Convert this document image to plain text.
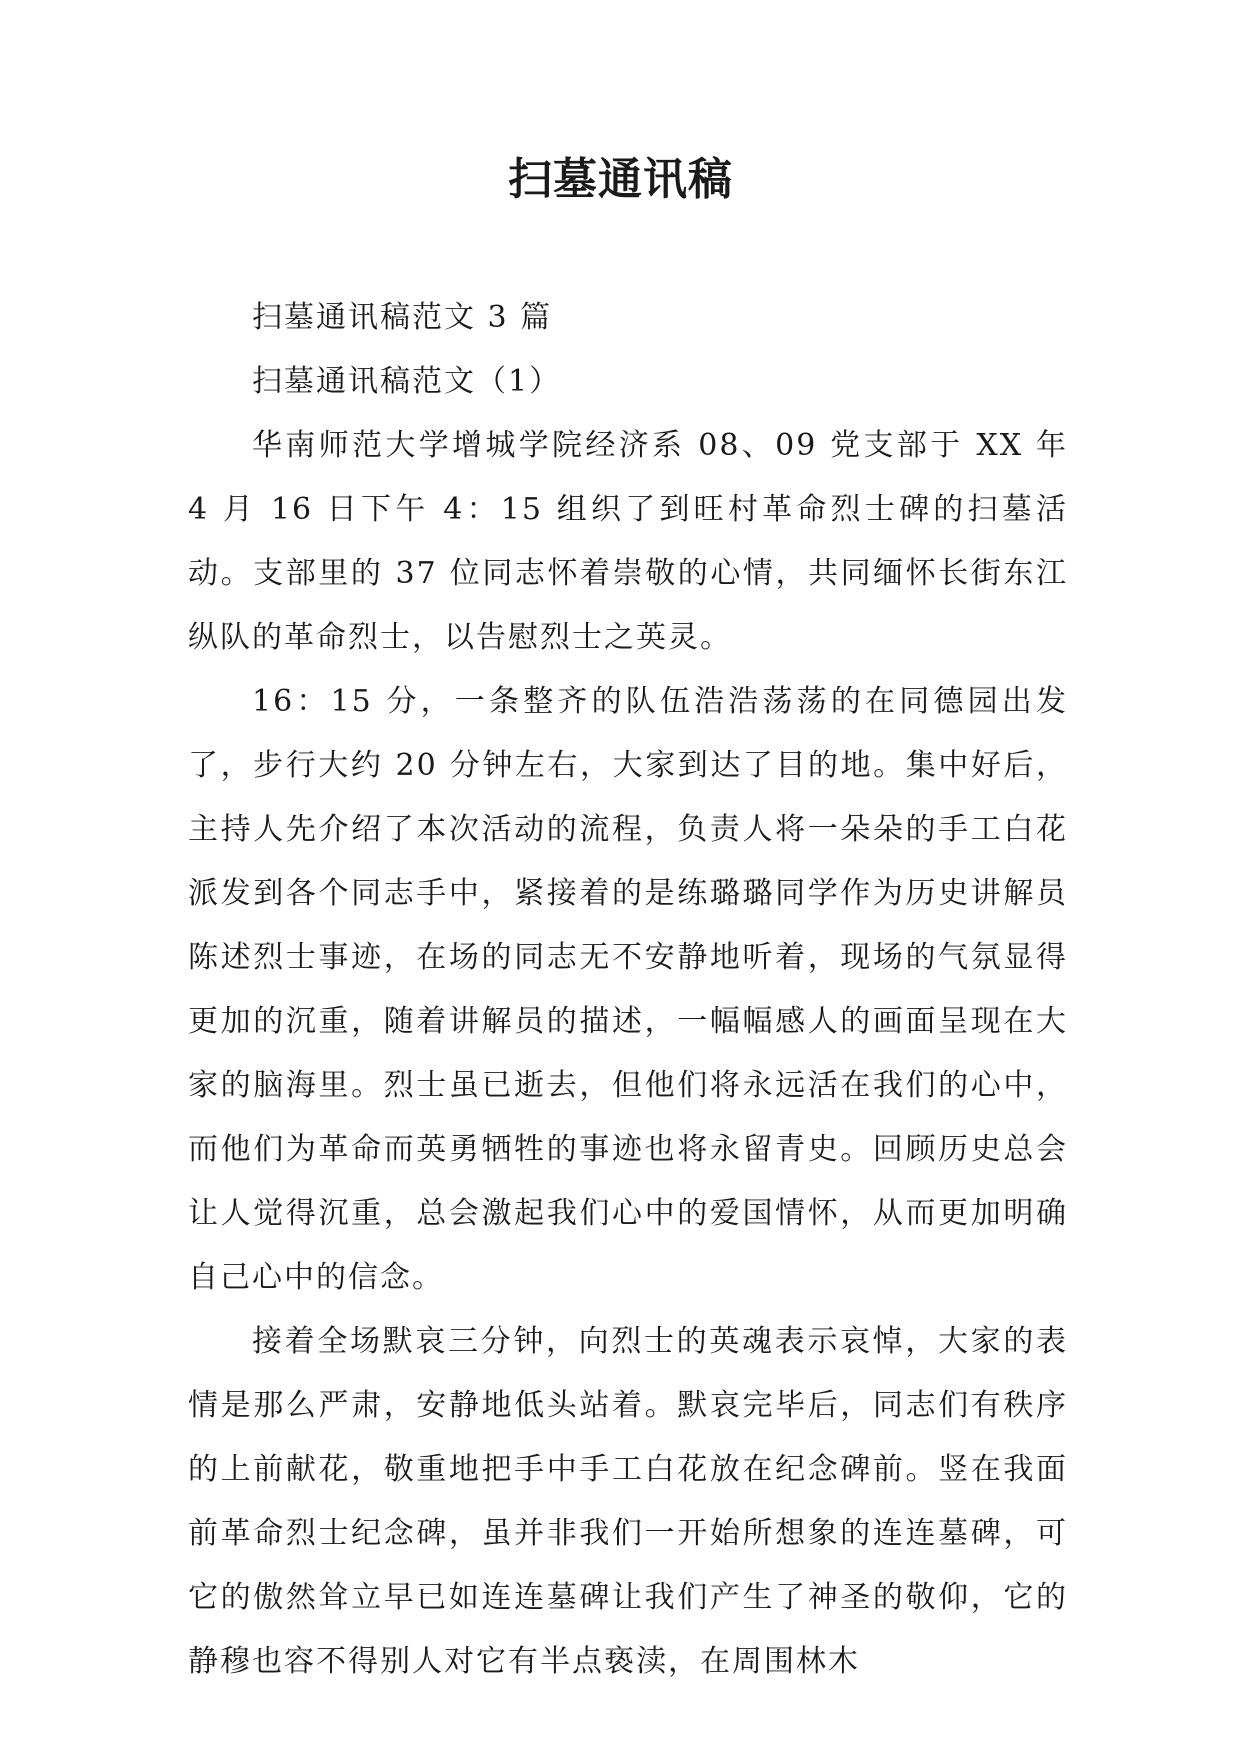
扫墓通讯稿

扫墓通讯稿范文 3 篇

扫墓通讯稿范文（1）

华南师范大学增城学院经济系 08、09 党支部于 XX 年 4 月 16 日下午 4：15 组织了到旺村革命烈士碑的扫墓活动。支部里的 37 位同志怀着崇敬的心情，共同缅怀长街东江纵队的革命烈士，以告慰烈士之英灵。

16：15 分，一条整齐的队伍浩浩荡荡的在同德园出发了，步行大约 20 分钟左右，大家到达了目的地。集中好后，主持人先介绍了本次活动的流程，负责人将一朵朵的手工白花派发到各个同志手中，紧接着的是练璐璐同学作为历史讲解员陈述烈士事迹，在场的同志无不安静地听着，现场的气氛显得更加的沉重，随着讲解员的描述，一幅幅感人的画面呈现在大家的脑海里。烈士虽已逝去，但他们将永远活在我们的心中，而他们为革命而英勇牺牲的事迹也将永留青史。回顾历史总会让人觉得沉重，总会激起我们心中的爱国情怀，从而更加明确自己心中的信念。

接着全场默哀三分钟，向烈士的英魂表示哀悼，大家的表情是那么严肃，安静地低头站着。默哀完毕后，同志们有秩序的上前献花，敬重地把手中手工白花放在纪念碑前。竖在我面前革命烈士纪念碑，虽并非我们一开始所想象的连连墓碑，可它的傲然耸立早已如连连墓碑让我们产生了神圣的敬仰，它的静穆也容不得别人对它有半点亵渎，在周围林木
